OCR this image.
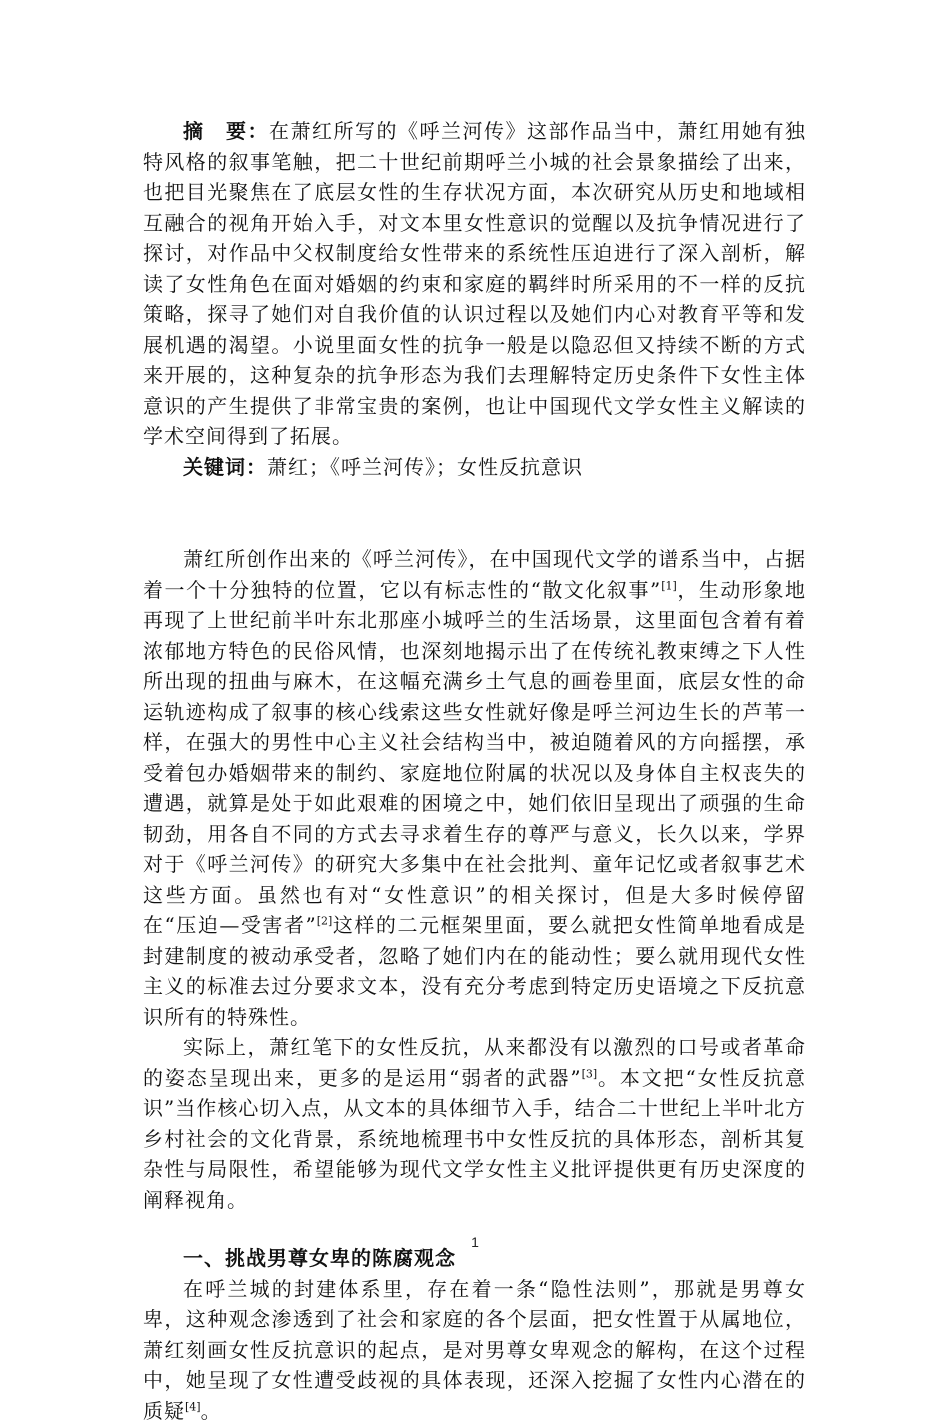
摘　要：在萧红所写的《呼兰河传》这部作品当中，萧红用她有独特风格的叙事笔触，把二十世纪前期呼兰小城的社会景象描绘了出来，也把目光聚焦在了底层女性的生存状况方面，本次研究从历史和地域相互融合的视角开始入手，对文本里女性意识的觉醒以及抗争情况进行了探讨，对作品中父权制度给女性带来的系统性压迫进行了深入剖析，解读了女性角色在面对婚姻的约束和家庭的羁绊时所采用的不一样的反抗策略，探寻了她们对自我价值的认识过程以及她们内心对教育平等和发展机遇的渴望。小说里面女性的抗争一般是以隐忍但又持续不断的方式来开展的，这种复杂的抗争形态为我们去理解特定历史条件下女性主体意识的产生提供了非常宝贵的案例，也让中国现代文学女性主义解读的学术空间得到了拓展。

关键词：萧红；《呼兰河传》；女性反抗意识

萧红所创作出来的《呼兰河传》，在中国现代文学的谱系当中，占据着一个十分独特的位置，它以有标志性的“散文化叙事”[1]，生动形象地再现了上世纪前半叶东北那座小城呼兰的生活场景，这里面包含着有着浓郁地方特色的民俗风情，也深刻地揭示出了在传统礼教束缚之下人性所出现的扭曲与麻木，在这幅充满乡土气息的画卷里面，底层女性的命运轨迹构成了叙事的核心线索这些女性就好像是呼兰河边生长的芦苇一样，在强大的男性中心主义社会结构当中，被迫随着风的方向摇摆，承受着包办婚姻带来的制约、家庭地位附属的状况以及身体自主权丧失的遭遇，就算是处于如此艰难的困境之中，她们依旧呈现出了顽强的生命韧劲，用各自不同的方式去寻求着生存的尊严与意义，长久以来，学界对于《呼兰河传》的研究大多集中在社会批判、童年记忆或者叙事艺术这些方面。虽然也有对“女性意识”的相关探讨，但是大多时候停留在“压迫—受害者”[2]这样的二元框架里面，要么就把女性简单地看成是封建制度的被动承受者，忽略了她们内在的能动性；要么就用现代女性主义的标准去过分要求文本，没有充分考虑到特定历史语境之下反抗意识所有的特殊性。

实际上，萧红笔下的女性反抗，从来都没有以激烈的口号或者革命的姿态呈现出来，更多的是运用“弱者的武器”[3]。本文把“女性反抗意识”当作核心切入点，从文本的具体细节入手，结合二十世纪上半叶北方乡村社会的文化背景，系统地梳理书中女性反抗的具体形态，剖析其复杂性与局限性，希望能够为现代文学女性主义批评提供更有历史深度的阐释视角。

一、挑战男尊女卑的陈腐观念

在呼兰城的封建体系里，存在着一条“隐性法则”，那就是男尊女卑，这种观念渗透到了社会和家庭的各个层面，把女性置于从属地位，萧红刻画女性反抗意识的起点，是对男尊女卑观念的解构，在这个过程中，她呈现了女性遭受歧视的具体表现，还深入挖掘了女性内心潜在的质疑[4]。

1
